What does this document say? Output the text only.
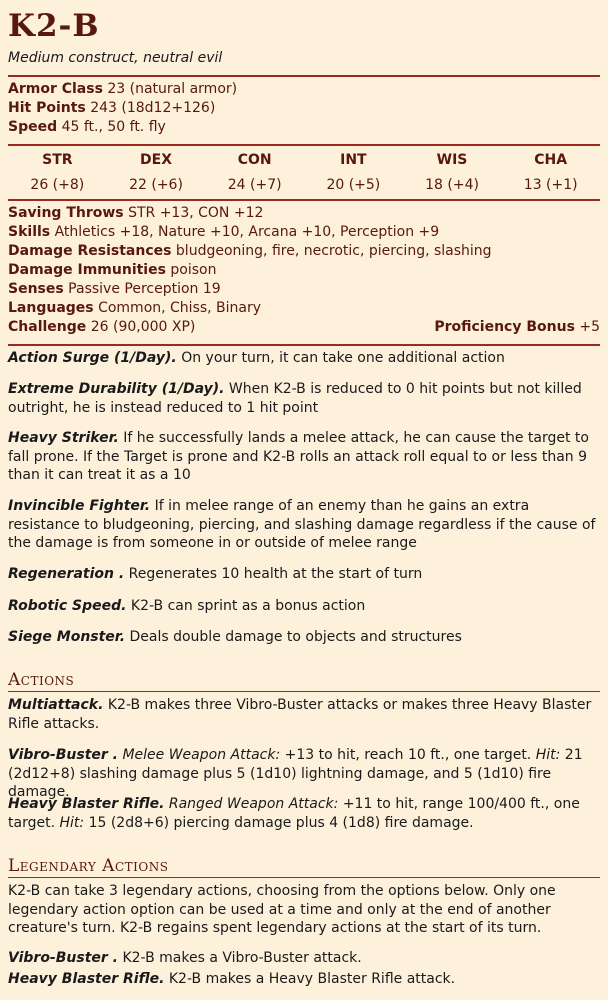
K2-B
Medium construct, neutral evil
Armor Class 23 (natural armor)
Hit Points 243 (18d12+126)
Speed 45 ft., 50 ft. fly
STR
26 (+8)
DEX
22 (+6)
CON
24 (+7)
INT
20 (+5)
WIS
18 (+4)
CHA
13 (+1)
Saving Throws STR +13, CON +12
Skills Athletics +18, Nature +10, Arcana +10, Perception +9
Damage Resistances bludgeoning, fire, necrotic, piercing, slashing
Damage Immunities poison
Senses Passive Perception 19
Languages Common, Chiss, Binary
Challenge 26 (90,000 XP)	Proficiency Bonus +5
Action Surge (1/Day). On your turn, it can take one additional action
Extreme Durability (1/Day). When K2-B is reduced to 0 hit points but not killed outright, he is instead reduced to 1 hit point
Heavy Striker. If he successfully lands a melee attack, he can cause the target to fall prone. If the Target is prone and K2-B rolls an attack roll equal to or less than 9 than it can treat it as a 10
Invincible Fighter. If in melee range of an enemy than he gains an extra resistance to bludgeoning, piercing, and slashing damage regardless if the cause of the damage is from someone in or outside of melee range
Regeneration . Regenerates 10 health at the start of turn
Robotic Speed. K2-B can sprint as a bonus action
Siege Monster. Deals double damage to objects and structures
Actions
Multiattack. K2-B makes three Vibro-Buster attacks or makes three Heavy Blaster Rifle attacks.
Vibro-Buster . Melee Weapon Attack: +13 to hit, reach 10 ft., one target. Hit: 21 (2d12+8) slashing damage plus 5 (1d10) lightning damage, and 5 (1d10) fire damage.
Heavy Blaster Rifle. Ranged Weapon Attack: +11 to hit, range 100/400 ft., one target. Hit: 15 (2d8+6) piercing damage plus 4 (1d8) fire damage.
Legendary Actions
K2-B can take 3 legendary actions, choosing from the options below. Only one legendary action option can be used at a time and only at the end of another creature's turn. K2-B regains spent legendary actions at the start of its turn.
Vibro-Buster . K2-B makes a Vibro-Buster attack.
Heavy Blaster Rifle. K2-B makes a Heavy Blaster Rifle attack.
